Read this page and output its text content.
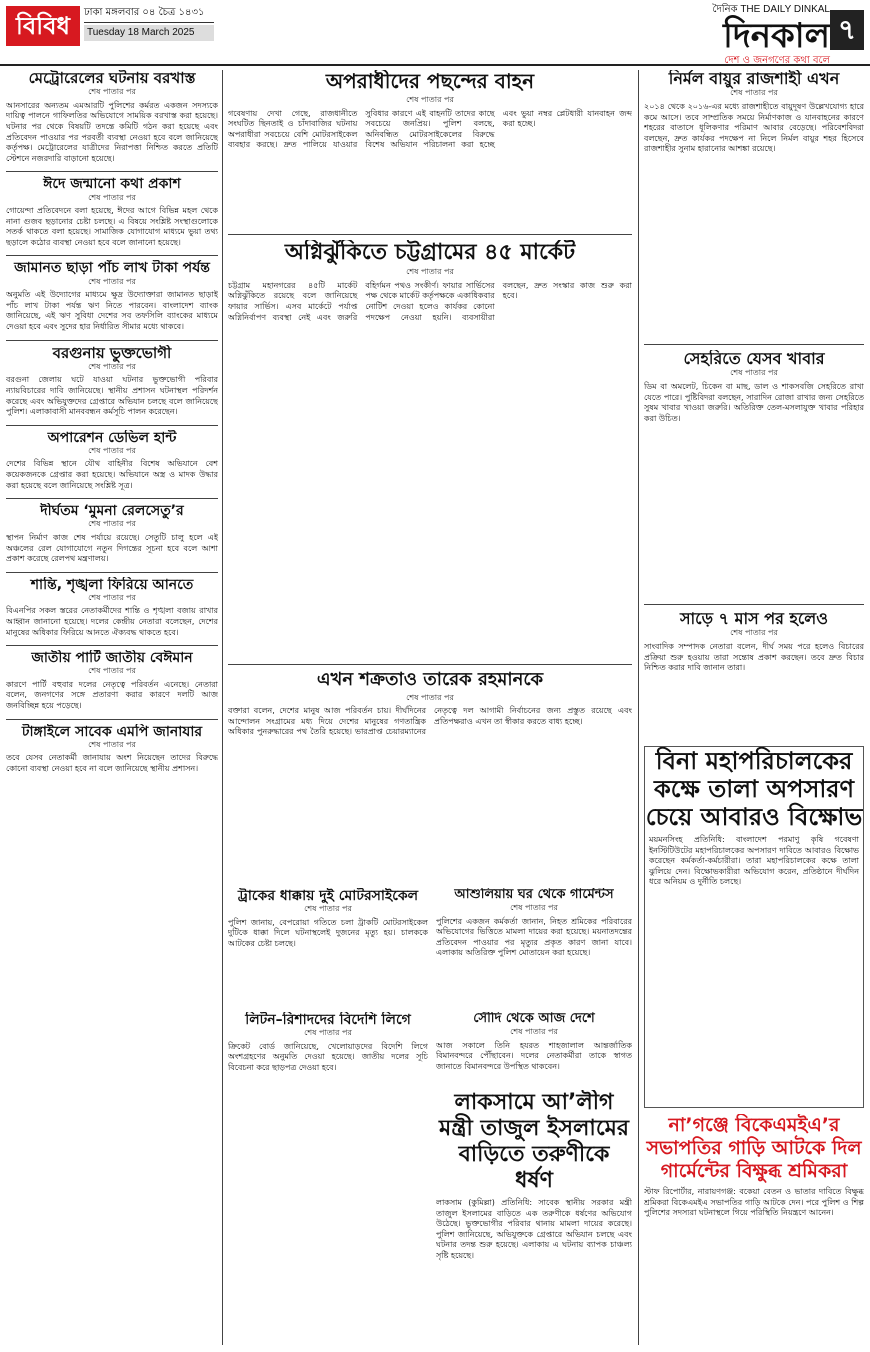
বিবিধ	ঢাকা মঙ্গলবার ০৪ চৈত্র ১৪৩১
Tuesday 18 March 2025
দৈনিক THE DAILY DINKAL
দিনকাল
দেশ ও জনগণের কথা বলে
৭
মেট্রোরেলের ঘটনায় বরখাস্ত
শেষ পাতার পর

আনসারের অন্যতম এমআরটি পুলিশের কর্মরত একজন সদস্যকে দায়িত্ব পালনে গাফিলতির অভিযোগে সাময়িক বরখাস্ত করা হয়েছে। ঘটনার পর থেকে বিষয়টি তদন্তে কমিটি গঠন করা হয়েছে এবং প্রতিবেদন পাওয়ার পর পরবর্তী ব্যবস্থা নেওয়া হবে বলে জানিয়েছে কর্তৃপক্ষ। মেট্রোরেলের যাত্রীদের নিরাপত্তা নিশ্চিত করতে প্রতিটি স্টেশনে নজরদারি বাড়ানো হয়েছে।

ঈদে জন্মানো কথা প্রকাশ
শেষ পাতার পর

গোয়েন্দা প্রতিবেদনে বলা হয়েছে, ঈদের আগে বিভিন্ন মহল থেকে নানা গুজব ছড়ানোর চেষ্টা চলছে। এ বিষয়ে সংশ্লিষ্ট সংস্থাগুলোকে সতর্ক থাকতে বলা হয়েছে। সামাজিক যোগাযোগ মাধ্যমে ভুয়া তথ্য ছড়ালে কঠোর ব্যবস্থা নেওয়া হবে বলে জানানো হয়েছে।

জামানত ছাড়া পাঁচ লাখ টাকা পর্যন্ত
শেষ পাতার পর

অনুমতি এই উদ্যোগের মাধ্যমে ক্ষুদ্র উদ্যোক্তারা জামানত ছাড়াই পাঁচ লাখ টাকা পর্যন্ত ঋণ নিতে পারবেন। বাংলাদেশ ব্যাংক জানিয়েছে, এই ঋণ সুবিধা দেশের সব তফসিলি ব্যাংকের মাধ্যমে দেওয়া হবে এবং সুদের হার নির্ধারিত সীমার মধ্যে থাকবে।

বরগুনায় ভুক্তভোগী
শেষ পাতার পর

বরগুনা জেলায় ঘটে যাওয়া ঘটনার ভুক্তভোগী পরিবার ন্যায়বিচারের দাবি জানিয়েছে। স্থানীয় প্রশাসন ঘটনাস্থল পরিদর্শন করেছে এবং অভিযুক্তদের গ্রেপ্তারে অভিযান চলছে বলে জানিয়েছে পুলিশ। এলাকাবাসী মানববন্ধন কর্মসূচি পালন করেছেন।

অপারেশন ডেভিল হান্ট
শেষ পাতার পর

দেশের বিভিন্ন স্থানে যৌথ বাহিনীর বিশেষ অভিযানে বেশ কয়েকজনকে গ্রেপ্তার করা হয়েছে। অভিযানে অস্ত্র ও মাদক উদ্ধার করা হয়েছে বলে জানিয়েছে সংশ্লিষ্ট সূত্র।

দীর্ঘতম ‘মুমনা রেলসেতু’র
শেষ পাতার পর

স্থাপন নির্মাণ কাজ শেষ পর্যায়ে রয়েছে। সেতুটি চালু হলে এই অঞ্চলের রেল যোগাযোগে নতুন দিগন্তের সূচনা হবে বলে আশা প্রকাশ করেছে রেলপথ মন্ত্রণালয়।

শান্তি, শৃঙ্খলা ফিরিয়ে আনতে
শেষ পাতার পর

বিএনপির সকল স্তরের নেতাকর্মীদের শান্তি ও শৃঙ্খলা বজায় রাখার আহ্বান জানানো হয়েছে। দলের কেন্দ্রীয় নেতারা বলেছেন, দেশের মানুষের অধিকার ফিরিয়ে আনতে ঐক্যবদ্ধ থাকতে হবে।

জাতীয় পার্টি জাতীয় বেঈমান
শেষ পাতার পর

কারণে পার্টি বহুবার দলের নেতৃত্বে পরিবর্তন এনেছে। নেতারা বলেন, জনগণের সঙ্গে প্রতারণা করার কারণে দলটি আজ জনবিচ্ছিন্ন হয়ে পড়েছে।

টাঙ্গাইলে সাবেক এমপি জানাযার
শেষ পাতার পর

তবে যেসব নেতাকর্মী জানাযায় অংশ নিয়েছেন তাদের বিরুদ্ধে কোনো ব্যবস্থা নেওয়া হবে না বলে জানিয়েছে স্থানীয় প্রশাসন।

অপরাধীদের পছন্দের বাহন
শেষ পাতার পর

গবেষণায় দেখা গেছে, রাজধানীতে সংঘটিত ছিনতাই ও চাঁদাবাজির ঘটনায় অপরাধীরা সবচেয়ে বেশি মোটরসাইকেল ব্যবহার করছে। দ্রুত পালিয়ে যাওয়ার সুবিধার কারণে এই বাহনটি তাদের কাছে সবচেয়ে জনপ্রিয়। পুলিশ বলছে, অনিবন্ধিত মোটরসাইকেলের বিরুদ্ধে বিশেষ অভিযান পরিচালনা করা হচ্ছে এবং ভুয়া নম্বর প্লেটধারী যানবাহন জব্দ করা হচ্ছে।

অগ্নিঝুঁকিতে চট্টগ্রামের ৪৫ মার্কেট
শেষ পাতার পর

চট্টগ্রাম মহানগরের ৪৫টি মার্কেট অগ্নিঝুঁকিতে রয়েছে বলে জানিয়েছে ফায়ার সার্ভিস। এসব মার্কেটে পর্যাপ্ত অগ্নিনির্বাপণ ব্যবস্থা নেই এবং জরুরি বহির্গমন পথও সংকীর্ণ। ফায়ার সার্ভিসের পক্ষ থেকে মার্কেট কর্তৃপক্ষকে একাধিকবার নোটিশ দেওয়া হলেও কার্যকর কোনো পদক্ষেপ নেওয়া হয়নি। ব্যবসায়ীরা বলছেন, দ্রুত সংস্কার কাজ শুরু করা হবে।

এখন শক্রতাও তারেক রহমানকে
শেষ পাতার পর

বক্তারা বলেন, দেশের মানুষ আজ পরিবর্তন চায়। দীর্ঘদিনের আন্দোলন সংগ্রামের মধ্য দিয়ে দেশের মানুষের গণতান্ত্রিক অধিকার পুনরুদ্ধারের পথ তৈরি হয়েছে। ভারপ্রাপ্ত চেয়ারম্যানের নেতৃত্বে দল আগামী নির্বাচনের জন্য প্রস্তুত রয়েছে এবং প্রতিপক্ষরাও এখন তা স্বীকার করতে বাধ্য হচ্ছে।

ট্রাকের ধাক্কায় দুই মোটরসাইকেল
শেষ পাতার পর

পুলিশ জানায়, বেপরোয়া গতিতে চলা ট্রাকটি মোটরসাইকেল দুটিকে ধাক্কা দিলে ঘটনাস্থলেই দুজনের মৃত্যু হয়। চালককে আটকের চেষ্টা চলছে।

লিটন–রিশাদদের বিদেশি লিগে
শেষ পাতার পর

ক্রিকেট বোর্ড জানিয়েছে, খেলোয়াড়দের বিদেশি লিগে অংশগ্রহণের অনুমতি দেওয়া হয়েছে। জাতীয় দলের সূচি বিবেচনা করে ছাড়পত্র দেওয়া হবে।

আশুলিয়ায় ঘর থেকে গার্মেন্টস
শেষ পাতার পর

পুলিশের একজন কর্মকর্তা জানান, নিহত শ্রমিকের পরিবারের অভিযোগের ভিত্তিতে মামলা দায়ের করা হয়েছে। ময়নাতদন্তের প্রতিবেদন পাওয়ার পর মৃত্যুর প্রকৃত কারণ জানা যাবে। এলাকায় অতিরিক্ত পুলিশ মোতায়েন করা হয়েছে।

সৌদি থেকে আজ দেশে
শেষ পাতার পর

আজ সকালে তিনি হযরত শাহজালাল আন্তর্জাতিক বিমানবন্দরে পৌঁছাবেন। দলের নেতাকর্মীরা তাকে স্বাগত জানাতে বিমানবন্দরে উপস্থিত থাকবেন।

লাকসামে আ’লীগ মন্ত্রী তাজুল ইসলামের বাড়িতে তরুণীকে ধর্ষণ

লাকসাম (কুমিল্লা) প্রতিনিধি: সাবেক স্থানীয় সরকার মন্ত্রী তাজুল ইসলামের বাড়িতে এক তরুণীকে ধর্ষণের অভিযোগ উঠেছে। ভুক্তভোগীর পরিবার থানায় মামলা দায়ের করেছে। পুলিশ জানিয়েছে, অভিযুক্তকে গ্রেপ্তারে অভিযান চলছে এবং ঘটনার তদন্ত শুরু হয়েছে। এলাকায় এ ঘটনায় ব্যাপক চাঞ্চল্য সৃষ্টি হয়েছে।

নির্মল বায়ুর রাজশাহী এখন
শেষ পাতার পর

২০১৪ থেকে ২০১৬-এর মধ্যে রাজশাহীতে বায়ুদূষণ উল্লেখযোগ্য হারে কমে আসে। তবে সাম্প্রতিক সময়ে নির্মাণকাজ ও যানবাহনের কারণে শহরের বাতাসে ধূলিকণার পরিমাণ আবার বেড়েছে। পরিবেশবিদরা বলছেন, দ্রুত কার্যকর পদক্ষেপ না নিলে নির্মল বায়ুর শহর হিসেবে রাজশাহীর সুনাম হারানোর আশঙ্কা রয়েছে।

সেহরিতে যেসব খাবার
শেষ পাতার পর

ডিম বা অমলেট, চিকেন বা মাছ, ডাল ও শাকসবজি সেহরিতে রাখা যেতে পারে। পুষ্টিবিদরা বলছেন, সারাদিন রোজা রাখার জন্য সেহরিতে সুষম খাবার খাওয়া জরুরি। অতিরিক্ত তেল-মসলাযুক্ত খাবার পরিহার করা উচিত।

সাড়ে ৭ মাস পর হলেও
শেষ পাতার পর

সাংবাদিক সম্পাদক নেতারা বলেন, দীর্ঘ সময় পরে হলেও বিচারের প্রক্রিয়া শুরু হওয়ায় তারা সন্তোষ প্রকাশ করছেন। তবে দ্রুত বিচার নিশ্চিত করার দাবি জানান তারা।

বিনা মহাপরিচালকের কক্ষে তালা অপসারণ চেয়ে আবারও বিক্ষোভ

ময়মনসিংহ প্রতিনিধি: বাংলাদেশ পরমাণু কৃষি গবেষণা ইনস্টিটিউটের মহাপরিচালকের অপসারণ দাবিতে আবারও বিক্ষোভ করেছেন কর্মকর্তা-কর্মচারীরা। তারা মহাপরিচালকের কক্ষে তালা ঝুলিয়ে দেন। বিক্ষোভকারীরা অভিযোগ করেন, প্রতিষ্ঠানে দীর্ঘদিন ধরে অনিয়ম ও দুর্নীতি চলছে।

না’গঞ্জে বিকেএমইএ’র সভাপতির গাড়ি আটকে দিল গার্মেন্টের বিক্ষুব্ধ শ্রমিকরা

স্টাফ রিপোর্টার, নারায়ণগঞ্জ: বকেয়া বেতন ও ভাতার দাবিতে বিক্ষুব্ধ শ্রমিকরা বিকেএমইএ সভাপতির গাড়ি আটকে দেন। পরে পুলিশ ও শিল্প পুলিশের সদস্যরা ঘটনাস্থলে গিয়ে পরিস্থিতি নিয়ন্ত্রণে আনেন।
